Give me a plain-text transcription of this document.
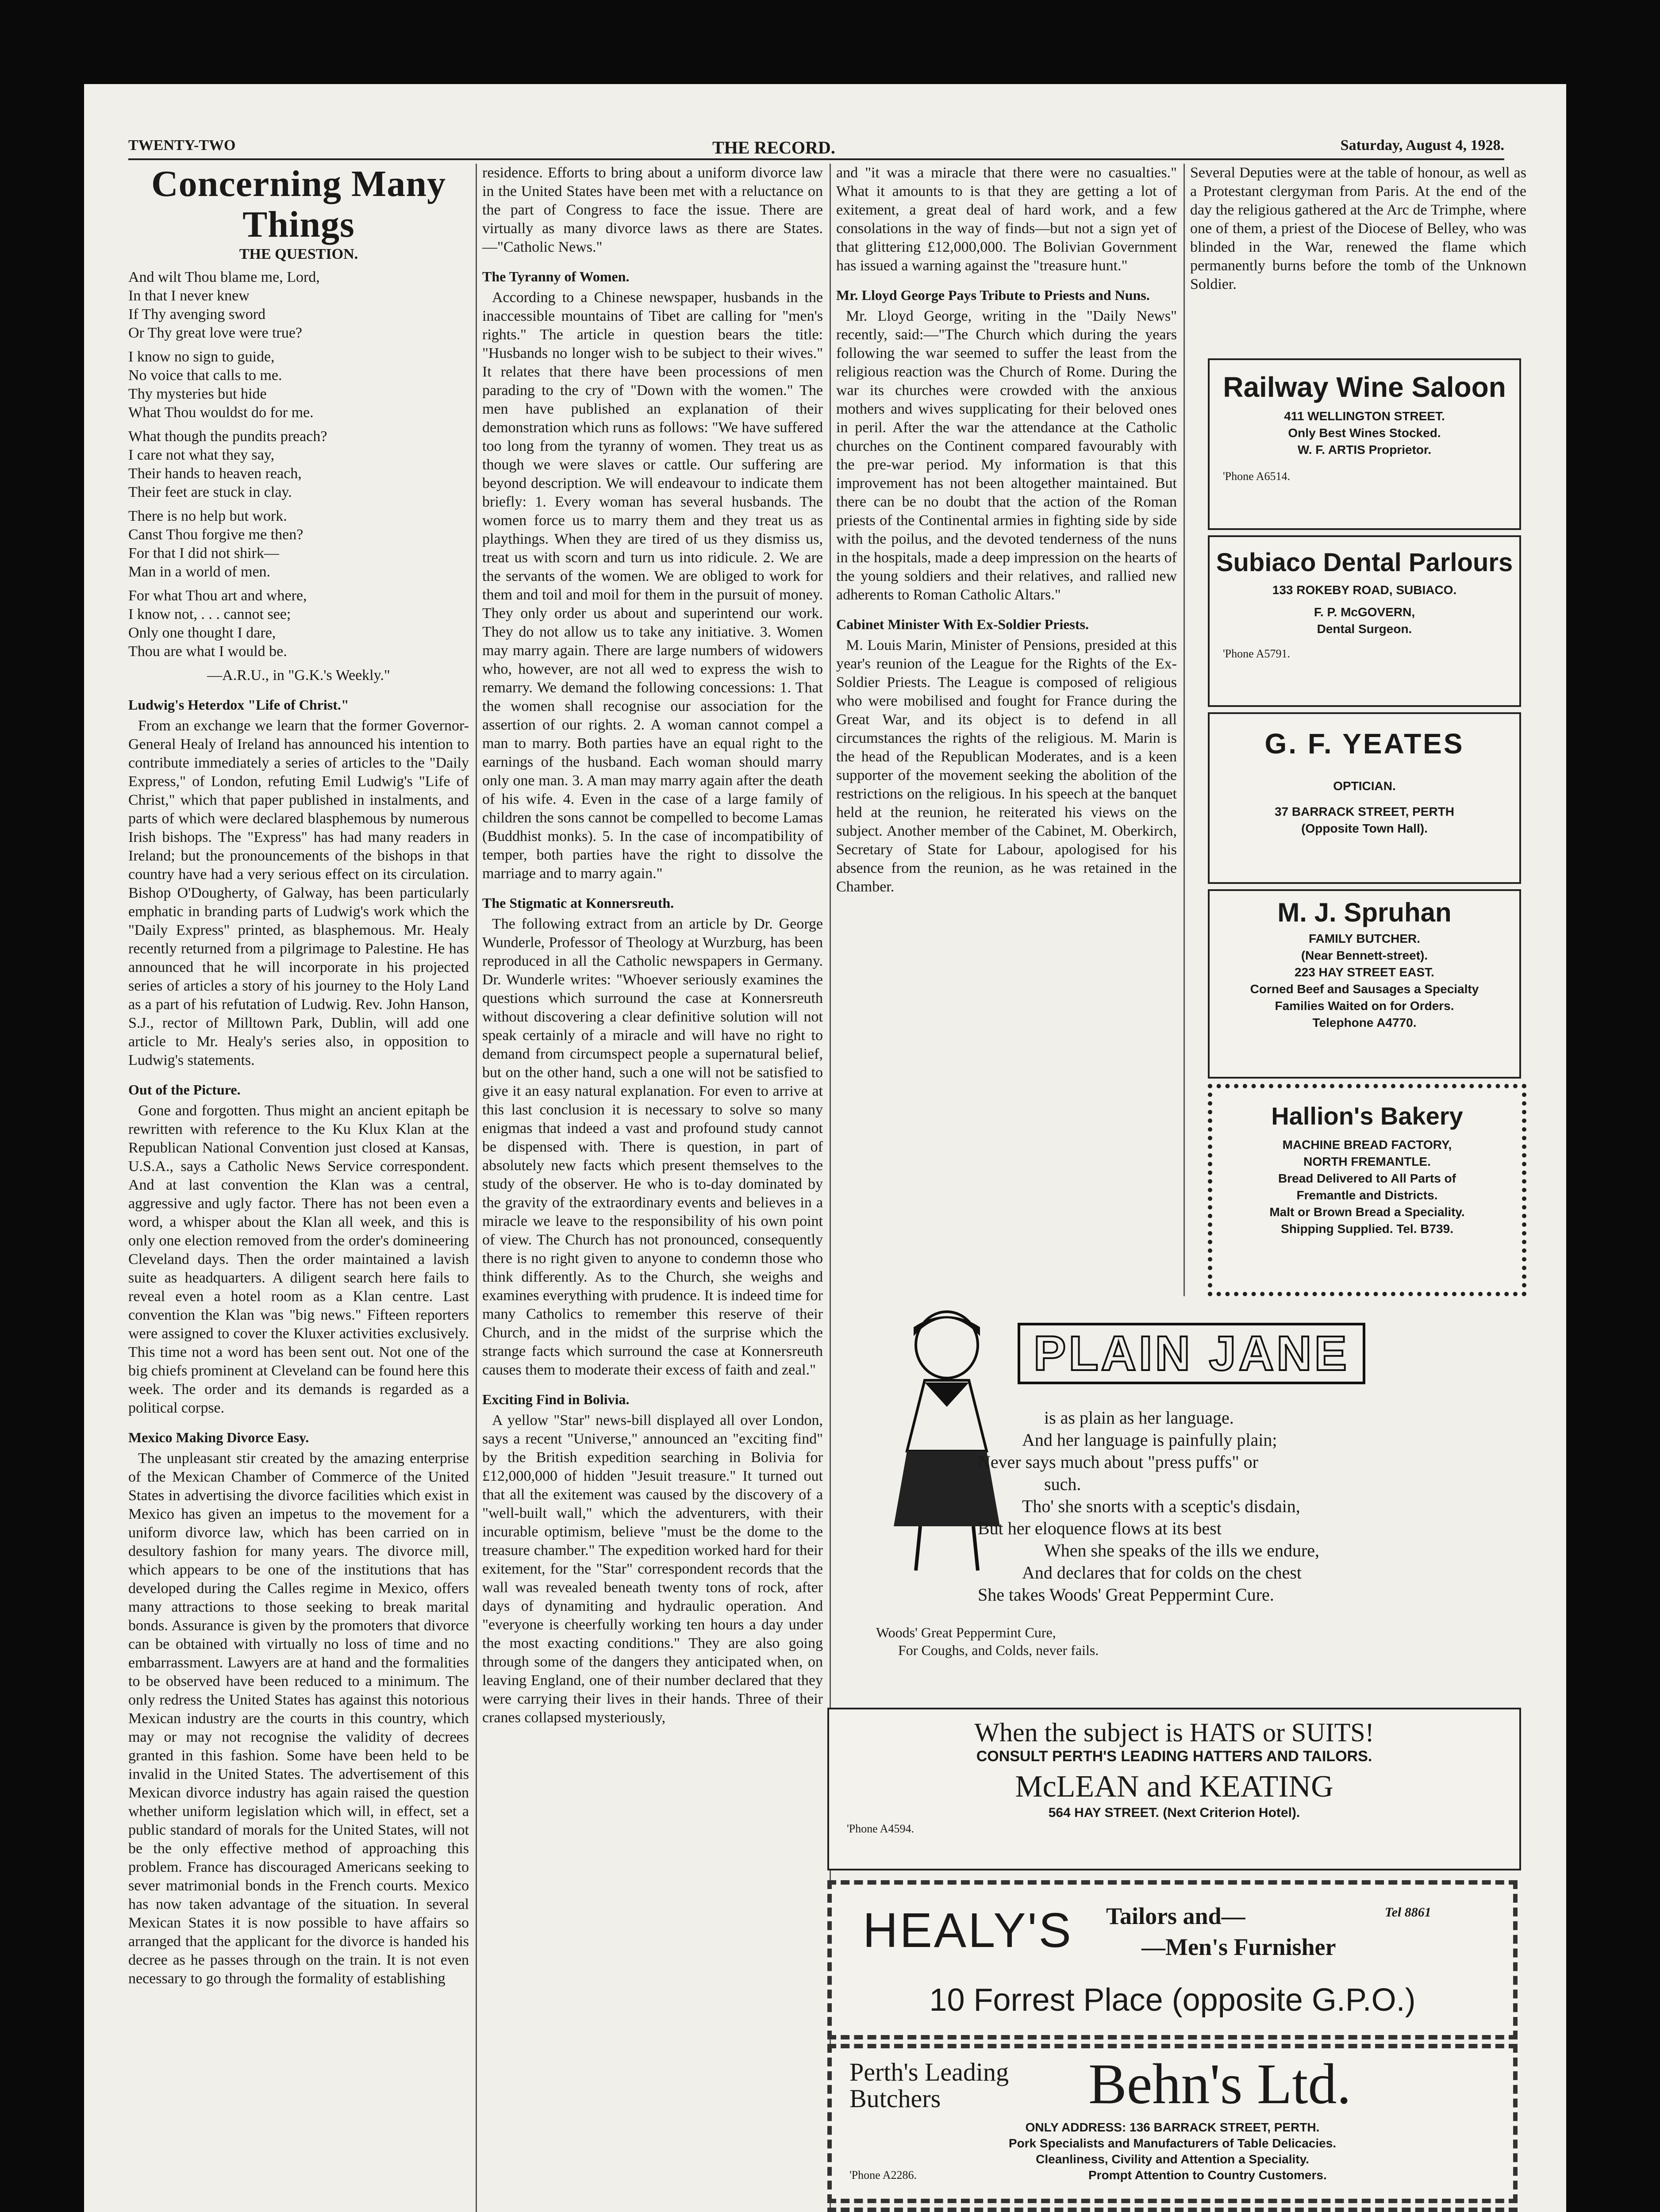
TWENTY-TWO	THE RECORD.	Saturday, August 4, 1928.
Concerning Many Things
THE QUESTION.
And wilt Thou blame me, Lord,
In that I never knew
If Thy avenging sword
Or Thy great love were true?
I know no sign to guide,
No voice that calls to me.
Thy mysteries but hide
What Thou wouldst do for me.
What though the pundits preach?
I care not what they say,
Their hands to heaven reach,
Their feet are stuck in clay.
There is no help but work.
Canst Thou forgive me then?
For that I did not shirk—
Man in a world of men.
For what Thou art and where,
I know not, . . . cannot see;
Only one thought I dare,
Thou are what I would be.

—A.R.U., in "G.K.'s Weekly."

Ludwig's Heterdox "Life of Christ."

From an exchange we learn that the former Governor-General Healy of Ireland has announced his intention to contribute immediately a series of articles to the "Daily Express," of London, refuting Emil Ludwig's "Life of Christ," which that paper published in instalments, and parts of which were declared blasphemous by numerous Irish bishops. The "Express" has had many readers in Ireland; but the pronouncements of the bishops in that country have had a very serious effect on its circulation. Bishop O'Dougherty, of Galway, has been particularly emphatic in branding parts of Ludwig's work which the "Daily Express" printed, as blasphemous. Mr. Healy recently returned from a pilgrimage to Palestine. He has announced that he will incorporate in his projected series of articles a story of his journey to the Holy Land as a part of his refutation of Ludwig. Rev. John Hanson, S.J., rector of Milltown Park, Dublin, will add one article to Mr. Healy's series also, in opposition to Ludwig's statements.

Out of the Picture.

Gone and forgotten. Thus might an ancient epitaph be rewritten with reference to the Ku Klux Klan at the Republican National Convention just closed at Kansas, U.S.A., says a Catholic News Service correspondent. And at last convention the Klan was a central, aggressive and ugly factor. There has not been even a word, a whisper about the Klan all week, and this is only one election removed from the order's domineering Cleveland days. Then the order maintained a lavish suite as headquarters. A diligent search here fails to reveal even a hotel room as a Klan centre. Last convention the Klan was "big news." Fifteen reporters were assigned to cover the Kluxer activities exclusively. This time not a word has been sent out. Not one of the big chiefs prominent at Cleveland can be found here this week. The order and its demands is regarded as a political corpse.

Mexico Making Divorce Easy.

The unpleasant stir created by the amazing enterprise of the Mexican Chamber of Commerce of the United States in advertising the divorce facilities which exist in Mexico has given an impetus to the movement for a uniform divorce law, which has been carried on in desultory fashion for many years. The divorce mill, which appears to be one of the institutions that has developed during the Calles regime in Mexico, offers many attractions to those seeking to break marital bonds. Assurance is given by the promoters that divorce can be obtained with virtually no loss of time and no embarrassment. Lawyers are at hand and the formalities to be observed have been reduced to a minimum. The only redress the United States has against this notorious Mexican industry are the courts in this country, which may or may not recognise the validity of decrees granted in this fashion. Some have been held to be invalid in the United States. The advertisement of this Mexican divorce industry has again raised the question whether uniform legislation which will, in effect, set a public standard of morals for the United States, will not be the only effective method of approaching this problem. France has discouraged Americans seeking to sever matrimonial bonds in the French courts. Mexico has now taken advantage of the situation. In several Mexican States it is now possible to have affairs so arranged that the applicant for the divorce is handed his decree as he passes through on the train. It is not even necessary to go through the formality of establishing

residence. Efforts to bring about a uniform divorce law in the United States have been met with a reluctance on the part of Congress to face the issue. There are virtually as many divorce laws as there are States.—"Catholic News."

The Tyranny of Women.

According to a Chinese newspaper, husbands in the inaccessible mountains of Tibet are calling for "men's rights." The article in question bears the title: "Husbands no longer wish to be subject to their wives." It relates that there have been processions of men parading to the cry of "Down with the women." The men have published an explanation of their demonstration which runs as follows: "We have suffered too long from the tyranny of women. They treat us as though we were slaves or cattle. Our suffering are beyond description. We will endeavour to indicate them briefly: 1. Every woman has several husbands. The women force us to marry them and they treat us as playthings. When they are tired of us they dismiss us, treat us with scorn and turn us into ridicule. 2. We are the servants of the women. We are obliged to work for them and toil and moil for them in the pursuit of money. They only order us about and superintend our work. They do not allow us to take any initiative. 3. Women may marry again. There are large numbers of widowers who, however, are not all wed to express the wish to remarry. We demand the following concessions: 1. That the women shall recognise our association for the assertion of our rights. 2. A woman cannot compel a man to marry. Both parties have an equal right to the earnings of the husband. Each woman should marry only one man. 3. A man may marry again after the death of his wife. 4. Even in the case of a large family of children the sons cannot be compelled to become Lamas (Buddhist monks). 5. In the case of incompatibility of temper, both parties have the right to dissolve the marriage and to marry again."

The Stigmatic at Konnersreuth.

The following extract from an article by Dr. George Wunderle, Professor of Theology at Wurzburg, has been reproduced in all the Catholic newspapers in Germany. Dr. Wunderle writes: "Whoever seriously examines the questions which surround the case at Konnersreuth without discovering a clear definitive solution will not speak certainly of a miracle and will have no right to demand from circumspect people a supernatural belief, but on the other hand, such a one will not be satisfied to give it an easy natural explanation. For even to arrive at this last conclusion it is necessary to solve so many enigmas that indeed a vast and profound study cannot be dispensed with. There is question, in part of absolutely new facts which present themselves to the study of the observer. He who is to-day dominated by the gravity of the extraordinary events and believes in a miracle we leave to the responsibility of his own point of view. The Church has not pronounced, consequently there is no right given to anyone to condemn those who think differently. As to the Church, she weighs and examines everything with prudence. It is indeed time for many Catholics to remember this reserve of their Church, and in the midst of the surprise which the strange facts which surround the case at Konnersreuth causes them to moderate their excess of faith and zeal."

Exciting Find in Bolivia.

A yellow "Star" news-bill displayed all over London, says a recent "Universe," announced an "exciting find" by the British expedition searching in Bolivia for £12,000,000 of hidden "Jesuit treasure." It turned out that all the exitement was caused by the discovery of a "well-built wall," which the adventurers, with their incurable optimism, believe "must be the dome to the treasure chamber." The expedition worked hard for their exitement, for the "Star" correspondent records that the wall was revealed beneath twenty tons of rock, after days of dynamiting and hydraulic operation. And "everyone is cheerfully working ten hours a day under the most exacting conditions." They are also going through some of the dangers they anticipated when, on leaving England, one of their number declared that they were carrying their lives in their hands. Three of their cranes collapsed mysteriously,

and "it was a miracle that there were no casualties." What it amounts to is that they are getting a lot of exitement, a great deal of hard work, and a few consolations in the way of finds—but not a sign yet of that glittering £12,000,000. The Bolivian Government has issued a warning against the "treasure hunt."

Mr. Lloyd George Pays Tribute to Priests and Nuns.

Mr. Lloyd George, writing in the "Daily News" recently, said:—"The Church which during the years following the war seemed to suffer the least from the religious reaction was the Church of Rome. During the war its churches were crowded with the anxious mothers and wives supplicating for their beloved ones in peril. After the war the attendance at the Catholic churches on the Continent compared favourably with the pre-war period. My information is that this improvement has not been altogether maintained. But there can be no doubt that the action of the Roman priests of the Continental armies in fighting side by side with the poilus, and the devoted tenderness of the nuns in the hospitals, made a deep impression on the hearts of the young soldiers and their relatives, and rallied new adherents to Roman Catholic Altars."

Cabinet Minister With Ex-Soldier Priests.

M. Louis Marin, Minister of Pensions, presided at this year's reunion of the League for the Rights of the Ex-Soldier Priests. The League is composed of religious who were mobilised and fought for France during the Great War, and its object is to defend in all circumstances the rights of the religious. M. Marin is the head of the Republican Moderates, and is a keen supporter of the movement seeking the abolition of the restrictions on the religious. In his speech at the banquet held at the reunion, he reiterated his views on the subject. Another member of the Cabinet, M. Oberkirch, Secretary of State for Labour, apologised for his absence from the reunion, as he was retained in the Chamber.

Several Deputies were at the table of honour, as well as a Protestant clergyman from Paris. At the end of the day the religious gathered at the Arc de Trimphe, where one of them, a priest of the Diocese of Belley, who was blinded in the War, renewed the flame which permanently burns before the tomb of the Unknown Soldier.

Railway Wine Saloon
411 WELLINGTON STREET.
Only Best Wines Stocked.
W. F. ARTIS Proprietor.
'Phone A6514.
Subiaco Dental Parlours
133 ROKEBY ROAD, SUBIACO.
F. P. McGOVERN,
Dental Surgeon.
'Phone A5791.
G. F. YEATES
OPTICIAN.
37 BARRACK STREET, PERTH
(Opposite Town Hall).
M. J. Spruhan
FAMILY BUTCHER.
(Near Bennett-street).
223 HAY STREET EAST.
Corned Beef and Sausages a Specialty
Families Waited on for Orders.
Telephone A4770.
Hallion's Bakery
MACHINE BREAD FACTORY,
NORTH FREMANTLE.
Bread Delivered to All Parts of
Fremantle and Districts.
Malt or Brown Bread a Speciality.
Shipping Supplied. Tel. B739.
PLAIN JANE
is as plain as her language.
And her language is painfully plain;
Never says much about "press puffs" or
such.
Tho' she snorts with a sceptic's disdain,
But her eloquence flows at its best
When she speaks of the ills we endure,
And declares that for colds on the chest
She takes Woods' Great Peppermint Cure.
Woods' Great Peppermint Cure,
For Coughs, and Colds, never fails.
When the subject is HATS or SUITS!
CONSULT PERTH'S LEADING HATTERS AND TAILORS.
McLEAN and KEATING
564 HAY STREET. (Next Criterion Hotel).
'Phone A4594.
HEALY'S Tailors and—	Tel 8861
—Men's Furnisher
10 Forrest Place (opposite G.P.O.)
Perth's Leading
Butchers	Behn's Ltd.
ONLY ADDRESS: 136 BARRACK STREET, PERTH.
Pork Specialists and Manufacturers of Table Delicacies.
Cleanliness, Civility and Attention a Speciality.
'Phone A2286.	Prompt Attention to Country Customers.
